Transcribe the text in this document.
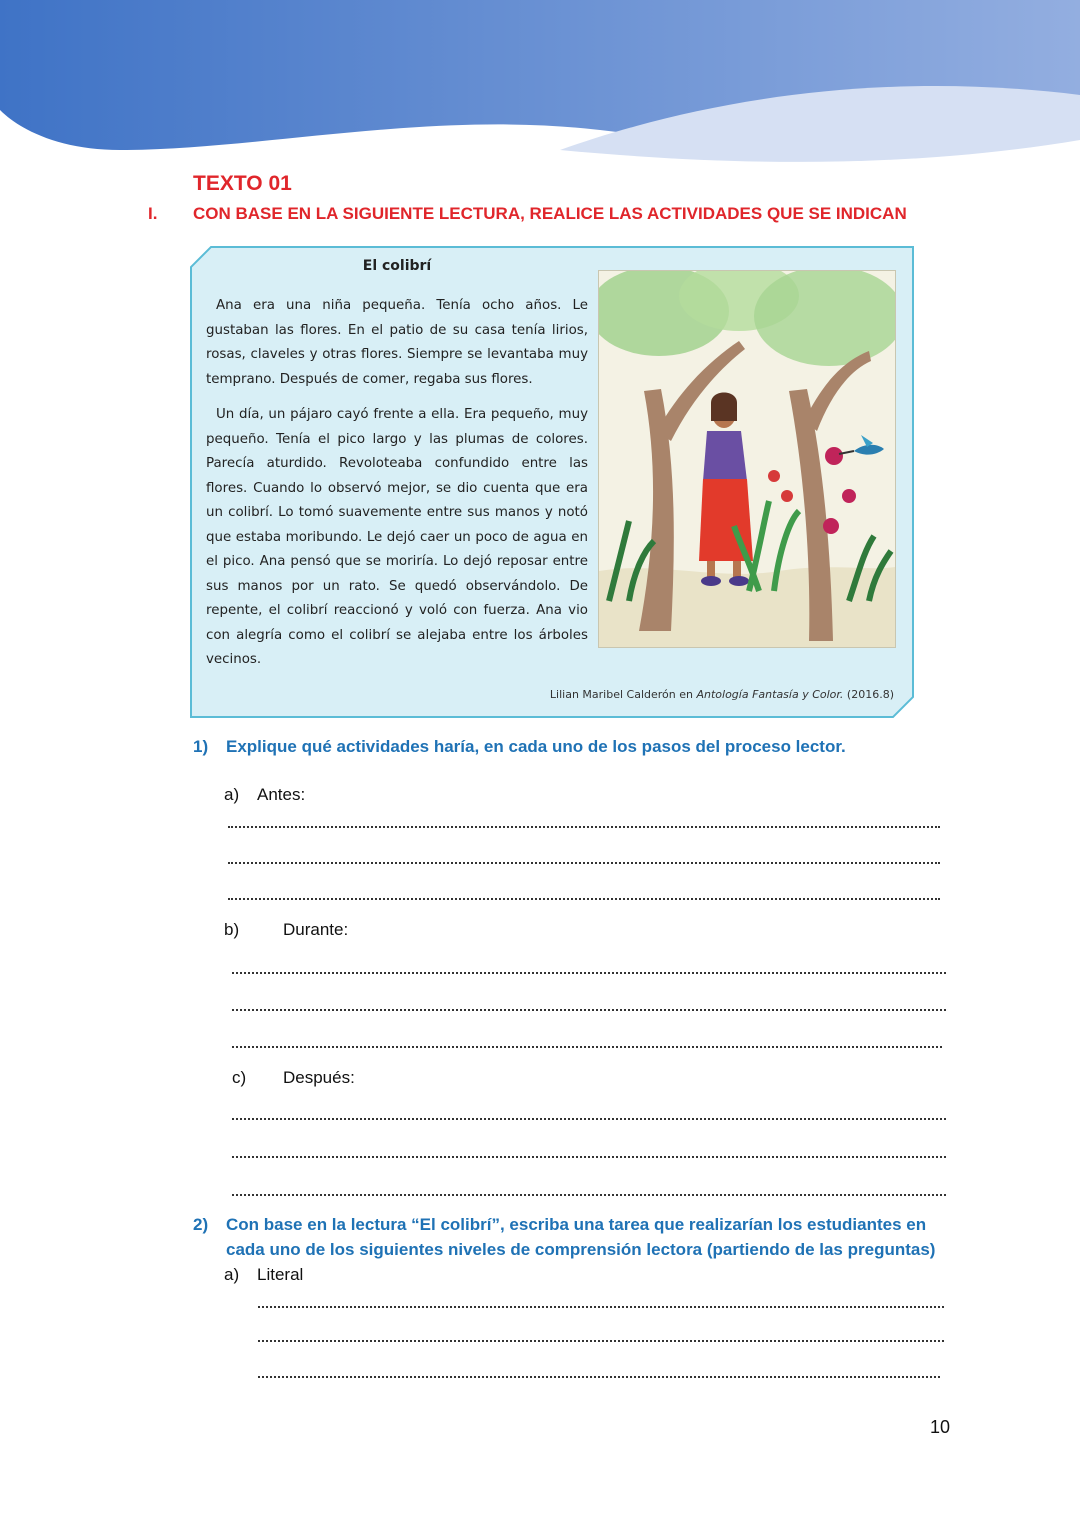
TEXTO 01
I. CON BASE EN LA SIGUIENTE LECTURA, REALICE LAS ACTIVIDADES QUE SE INDICAN
El colibrí

Ana era una niña pequeña. Tenía ocho años. Le gustaban las flores. En el patio de su casa tenía lirios, rosas, claveles y otras flores. Siempre se levantaba muy temprano. Después de comer, regaba sus flores.

Un día, un pájaro cayó frente a ella. Era pequeño, muy pequeño. Tenía el pico largo y las plumas de colores. Parecía aturdido. Revoloteaba confundido entre las flores. Cuando lo observó mejor, se dio cuenta que era un colibrí. Lo tomó suavemente entre sus manos y notó que estaba moribundo. Le dejó caer un poco de agua en el pico. Ana pensó que se moriría. Lo dejó reposar entre sus manos por un rato. Se quedó observándolo. De repente, el colibrí reaccionó y voló con fuerza. Ana vio con alegría como el colibrí se alejaba entre los árboles vecinos.

Lilian Maribel Calderón en Antología Fantasía y Color. (2016.8)
1) Explique qué actividades haría, en cada uno de los pasos del proceso lector.
a) Antes:
b)	Durante:
c) Después:
2) Con base en la lectura “El colibrí”, escriba una tarea que realizarían los estudiantes en
cada uno de los siguientes niveles de comprensión lectora (partiendo de las preguntas)
a) Literal
10
